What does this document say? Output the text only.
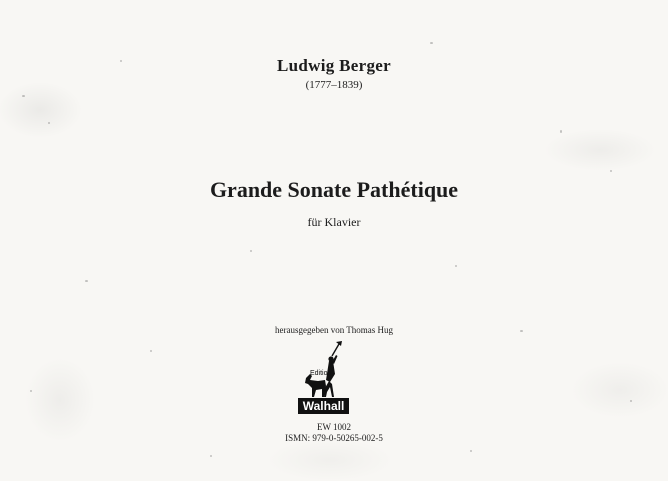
Ludwig Berger
(1777–1839)
Grande Sonate Pathétique
für Klavier
herausgegeben von Thomas Hug
Edition
Walhall
EW 1002
ISMN: 979-0-50265-002-5
